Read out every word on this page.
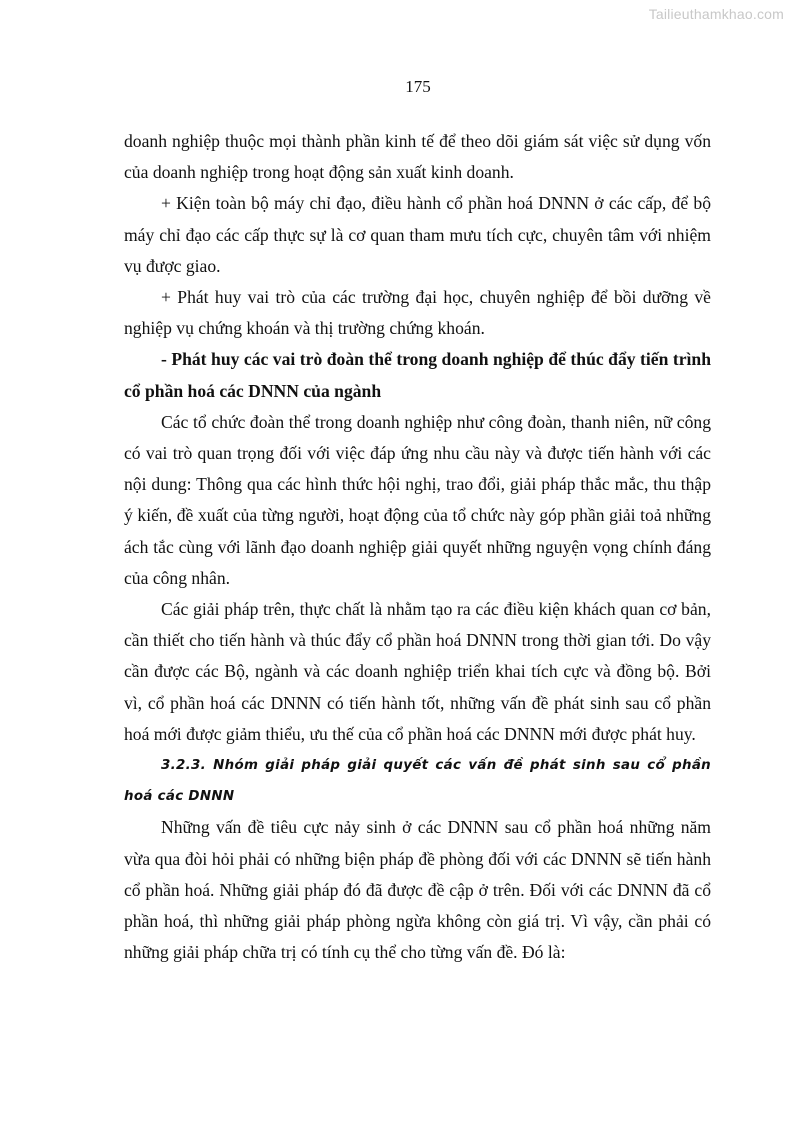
Tailieuthamkhao.com
175

doanh nghiệp thuộc mọi thành phần kinh tế để theo dõi giám sát việc sử dụng vốn của doanh nghiệp trong hoạt động sản xuất kinh doanh.

+ Kiện toàn bộ máy chỉ đạo, điều hành cổ phần hoá DNNN ở các cấp, để bộ máy chỉ đạo các cấp thực sự là cơ quan tham mưu tích cực, chuyên tâm với nhiệm vụ được giao.

+ Phát huy vai trò của các trường đại học, chuyên nghiệp để bồi dưỡng về nghiệp vụ chứng khoán và thị trường chứng khoán.

- Phát huy các vai trò đoàn thể trong doanh nghiệp để thúc đẩy tiến trình cổ phần hoá các DNNN của ngành

Các tổ chức đoàn thể trong doanh nghiệp như công đoàn, thanh niên, nữ công có vai trò quan trọng đối với việc đáp ứng nhu cầu này và được tiến hành với các nội dung: Thông qua các hình thức hội nghị, trao đổi, giải pháp thắc mắc, thu thập ý kiến, đề xuất của từng người, hoạt động của tổ chức này góp phần giải toả những ách tắc cùng với lãnh đạo doanh nghiệp giải quyết những nguyện vọng chính đáng của công nhân.

Các giải pháp trên, thực chất là nhằm tạo ra các điều kiện khách quan cơ bản, cần thiết cho tiến hành và thúc đẩy cổ phần hoá DNNN trong thời gian tới. Do vậy cần được các Bộ, ngành và các doanh nghiệp triển khai tích cực và đồng bộ. Bởi vì, cổ phần hoá các DNNN có tiến hành tốt, những vấn đề phát sinh sau cổ phần hoá mới được giảm thiểu, ưu thế của cổ phần hoá các DNNN mới được phát huy.

3.2.3. Nhóm giải pháp giải quyết các vấn đề phát sinh sau cổ phần hoá các DNNN

Những vấn đề tiêu cực nảy sinh ở các DNNN sau cổ phần hoá những năm vừa qua đòi hỏi phải có những biện pháp đề phòng đối với các DNNN sẽ tiến hành cổ phần hoá. Những giải pháp đó đã được đề cập ở trên. Đối với các DNNN đã cổ phần hoá, thì những giải pháp phòng ngừa không còn giá trị. Vì vậy, cần phải có những giải pháp chữa trị có tính cụ thể cho từng vấn đề. Đó là:
